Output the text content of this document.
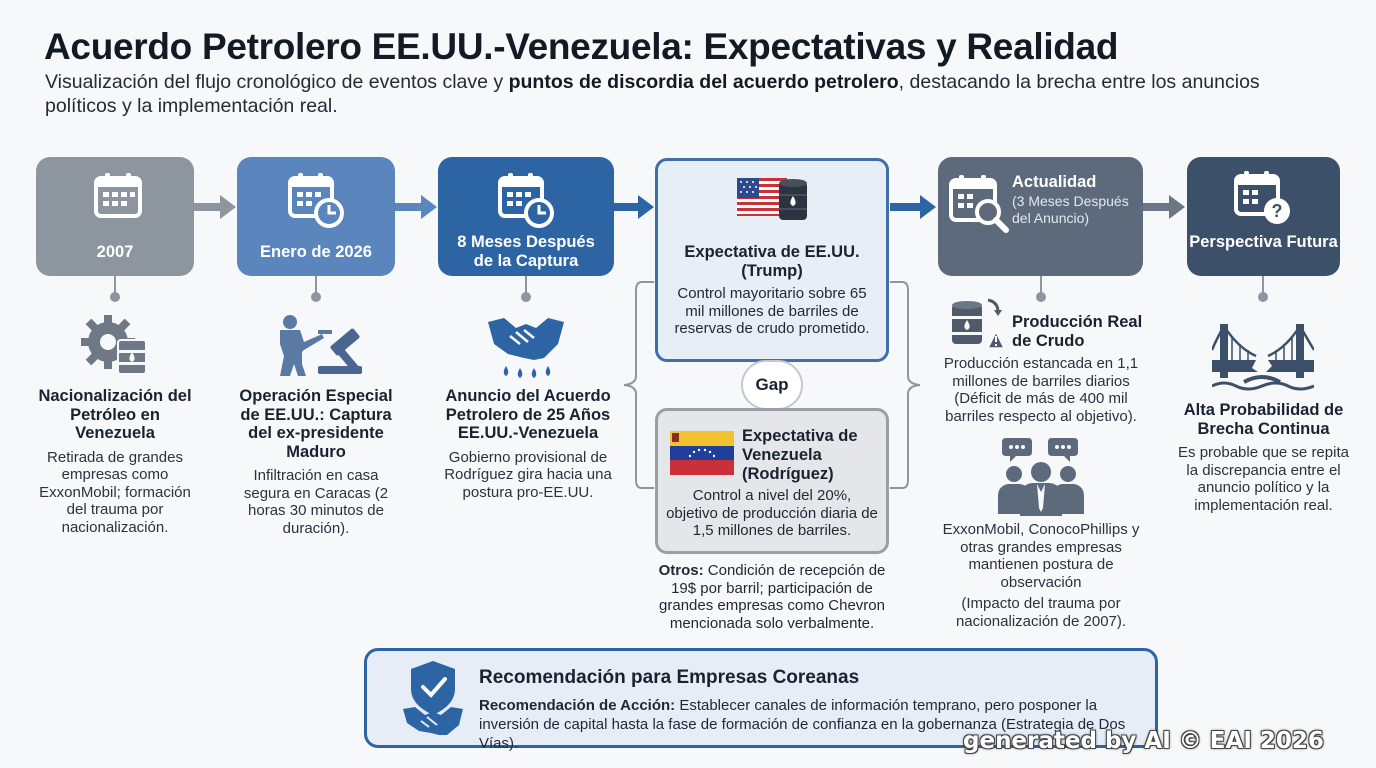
Acuerdo Petrolero EE.UU.-Venezuela: Expectativas y Realidad
Visualización del flujo cronológico de eventos clave y puntos de discordia del acuerdo petrolero, destacando la brecha entre los anuncios políticos y la implementación real.
2007	Enero de 2026
8 Meses Después de la Captura
Actualidad
(3 Meses Después del Anuncio)	?
Perspectiva Futura
Nacionalización del Petróleo en Venezuela
Retirada de grandes empresas como ExxonMobil; formación del trauma por nacionalización.
Operación Especial de EE.UU.: Captura del ex-presidente Maduro
Infiltración en casa segura en Caracas (2 horas 30 minutos de duración).
Anuncio del Acuerdo Petrolero de 25 Años EE.UU.-Venezuela
Gobierno provisional de Rodríguez gira hacia una postura pro-EE.UU.
Expectativa de EE.UU. (Trump)
Control mayoritario sobre 65 mil millones de barriles de reservas de crudo prometido.
Gap
Expectativa de Venezuela (Rodríguez)
Control a nivel del 20%, objetivo de producción diaria de 1,5 millones de barriles.
Otros: Condición de recepción de 19$ por barril; participación de grandes empresas como Chevron mencionada solo verbalmente.
Producción Real de Crudo
Producción estancada en 1,1 millones de barriles diarios (Déficit de más de 400 mil barriles respecto al objetivo).
ExxonMobil, ConocoPhillips y otras grandes empresas mantienen postura de observación
(Impacto del trauma por nacionalización de 2007).
Alta Probabilidad de Brecha Continua
Es probable que se repita la discrepancia entre el anuncio político y la implementación real.
Recomendación para Empresas Coreanas
Recomendación de Acción: Establecer canales de información temprano, pero posponer la inversión de capital hasta la fase de formación de confianza en la gobernanza (Estrategia de Dos Vías).	generated by AI © EAI 2026
